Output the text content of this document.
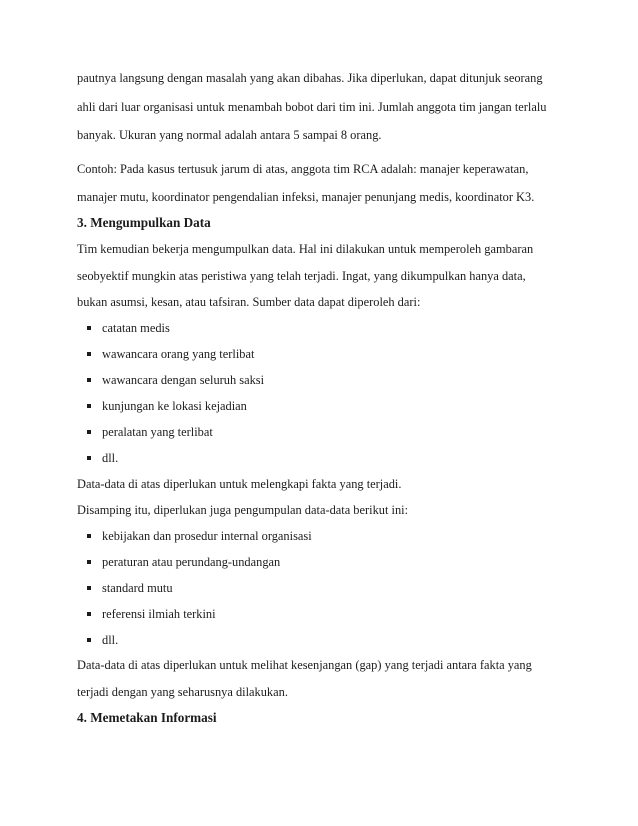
pautnya langsung dengan masalah yang akan dibahas. Jika diperlukan, dapat ditunjuk seorang
ahli dari luar organisasi untuk menambah bobot dari tim ini. Jumlah anggota tim jangan terlalu
banyak. Ukuran yang normal adalah antara 5 sampai 8 orang.
Contoh: Pada kasus tertusuk jarum di atas, anggota tim RCA adalah: manajer keperawatan,
manajer mutu, koordinator pengendalian infeksi, manajer penunjang medis, koordinator K3.
3. Mengumpulkan Data
Tim kemudian bekerja mengumpulkan data. Hal ini dilakukan untuk memperoleh gambaran
seobyektif mungkin atas peristiwa yang telah terjadi. Ingat, yang dikumpulkan hanya data,
bukan asumsi, kesan, atau tafsiran. Sumber data dapat diperoleh dari:
catatan medis
wawancara orang yang terlibat
wawancara dengan seluruh saksi
kunjungan ke lokasi kejadian
peralatan yang terlibat
dll.
Data-data di atas diperlukan untuk melengkapi fakta yang terjadi.
Disamping itu, diperlukan juga pengumpulan data-data berikut ini:
kebijakan dan prosedur internal organisasi
peraturan atau perundang-undangan
standard mutu
referensi ilmiah terkini
dll.
Data-data di atas diperlukan untuk melihat kesenjangan (gap) yang terjadi antara fakta yang
terjadi dengan yang seharusnya dilakukan.
4. Memetakan Informasi
